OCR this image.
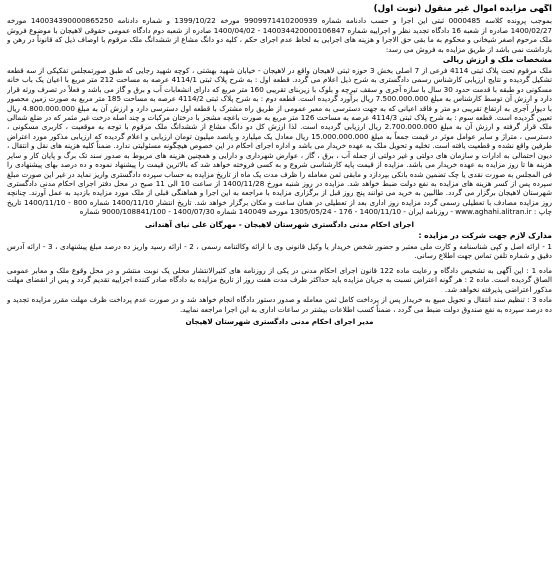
آگهی مزایده اموال غیر منقول (نوبت اول)
بموجب پرونده کلاسه 0000485 ثبتی این اجرا و حسب دادنامه شماره 9909971410200939 مورخه 1399/10/22 و شماره دادنامه 140034390000865250 مورخه 1400/02/27 صادره از شعبه 16 دادگاه تجدید نظر و اجراییه شماره 140034420000106847 - 1400/04/02 صادره از شعبه دوم دادگاه عمومی حقوقی لاهیجان با موضوع فروش ملک مرحوم اصغر شیخانی و محکوم به ما بقی حق الاجرا و هزینه های اجرایی به لحاظ عدم اجرای حکم ، کلیه دو دانگ مشاع از ششدانگ ملک مرقوم با اوصاف ذیل که قانوناً در رهن و بازداشت نمی باشد از طریق مزایده به فروش می رسد:
مشخصات ملک و ارزش ریالی
ملک مرقوم تحت پلاک ثبتی 4114 فرعی از 7 اصلی بخش 3 حوزه ثبتی لاهیجان واقع در لاهیجان - خیابان شهید بهشتی ، کوچه شهید رجایی که طبق صورتمجلس تفکیکی از سه قطعه تشکیل گردیده و نتایج ارزیابی کارشناس رسمی دادگستری به شرح ذیل اعلام می گردد. قطعه اول : به شرح پلاک ثبتی 4114/1 عرصه به مساحت 212 متر مربع با اعیان یک باب خانه مسکونی دو طبقه با قدمت حدود 30 سال با سازه آجری و سقف تیرچه و بلوک با زیربنای تقریبی 160 متر مربع که دارای انشعابات آب و برق و گاز می باشد و فعلاً در تصرف ورثه قرار دارد و ارزش آن توسط کارشناس به مبلغ 7.500.000.000 ریال برآورد گردیده است. قطعه دوم : به شرح پلاک ثبتی 4114/2 عرصه به مساحت 185 متر مربع به صورت زمین محصور با دیوار آجری به ارتفاع تقریبی دو متر و فاقد اعیانی که به جهت دسترسی به معبر عمومی از طریق راه مشترک با قطعه اول دسترسی دارد و ارزش آن به مبلغ 4.800.000.000 ریال تعیین گردیده است. قطعه سوم : به شرح پلاک ثبتی 4114/3 عرصه به مساحت 126 متر مربع به صورت باغچه مشجر با درختان مرکبات و چند اصله درخت غیر مثمر که در ضلع شمالی ملک قرار گرفته و ارزش آن به مبلغ 2.700.000.000 ریال ارزیابی گردیده است. لذا ارزش کل دو دانگ مشاع از ششدانگ ملک مرقوم با توجه به موقعیت ، کاربری مسکونی ، دسترسی ، متراژ و سایر عوامل موثر در قیمت جمعاً به مبلغ 15.000.000.000 ریال معادل یک میلیارد و پانصد میلیون تومان ارزیابی و اعلام گردیده که ارزیابی مذکور مورد اعتراض طرفین واقع نشده و قطعیت یافته است. تخلیه و تحویل ملک به عهده خریدار می باشد و اداره اجرای احکام در این خصوص هیچگونه مسئولیتی ندارد. ضمناً کلیه هزینه های نقل و انتقال ، دیون احتمالی به ادارات و سازمان های دولتی و غیر دولتی از جمله آب ، برق ، گاز ، عوارض شهرداری و دارایی و همچنین هزینه های مربوط به صدور سند تک برگ و پایان کار و سایر هزینه ها تا روز مزایده به عهده خریدار می باشد. مزایده از قیمت پایه کارشناسی شروع و به کسی فروخته خواهد شد که بالاترین قیمت را پیشنهاد نموده و ده درصد بهای پیشنهادی را فی المجلس به صورت نقدی یا چک تضمین شده بانکی بپردازد و مابقی ثمن معامله را ظرف مدت یک ماه از تاریخ مزایده به حساب سپرده دادگستری واریز نماید در غیر این صورت مبلغ سپرده پس از کسر هزینه های مزایده به نفع دولت ضبط خواهد شد. مزایده در روز شنبه مورخ 1400/11/28 از ساعت 10 الی 11 صبح در محل دفتر اجرای احکام مدنی دادگستری شهرستان لاهیجان برگزار می گردد. طالبین به خرید می توانند پنج روز قبل از برگزاری مزایده با مراجعه به این اجرا و هماهنگی قبلی از ملک مورد مزایده بازدید به عمل آورند. چنانچه روز مزایده مصادف با تعطیلی رسمی گردد مزایده روز اداری بعد از تعطیلی در همان ساعت و مکان برگزار خواهد شد. تاریخ انتشار 1400/11/10 شماره 800 - 1400/11/10 تاریخ چاپ : www.aghahi.alitran.ir - روزنامه ایران - 1400/11/10 - 176 - 1305/05/24 مورخه 140049 شماره 1400/07/30 - 9000/108841/100 شماره
اجرای احکام مدنی دادگستری شهرستان لاهیجان - مهرگان علی نیای آهندانی
مدارک لازم جهت شرکت در مزایده :
1 - ارائه اصل و کپی شناسنامه و کارت ملی معتبر و حضور شخص خریدار یا وکیل قانونی وی با ارائه وکالتنامه رسمی ، 2 - ارائه رسید واریز ده درصد مبلغ پیشنهادی ، 3 - ارائه آدرس دقیق و شماره تلفن تماس جهت اطلاع رسانی.
ماده 1 : این آگهی به تشخیص دادگاه و رعایت ماده 122 قانون اجرای احکام مدنی در یکی از روزنامه های کثیرالانتشار محلی یک نوبت منتشر و در محل وقوع ملک و معابر عمومی الصاق گردیده است. ماده 2 : هر گونه اعتراض نسبت به جریان مزایده باید حداکثر ظرف مدت هفت روز از تاریخ مزایده به دادگاه صادر کننده اجراییه تقدیم گردد و پس از انقضای مهلت مذکور اعتراضی پذیرفته نخواهد شد.
ماده 3 : تنظیم سند انتقال و تحویل مبیع به خریدار پس از پرداخت کامل ثمن معامله و صدور دستور دادگاه انجام خواهد شد و در صورت عدم پرداخت ظرف مهلت مقرر مزایده تجدید و ده درصد سپرده به نفع صندوق دولت ضبط می گردد ، ضمناً کسب اطلاعات بیشتر در ساعات اداری به این اجرا مراجعه نمایید.
مدیر اجرای احکام مدنی دادگستری شهرستان لاهیجان
